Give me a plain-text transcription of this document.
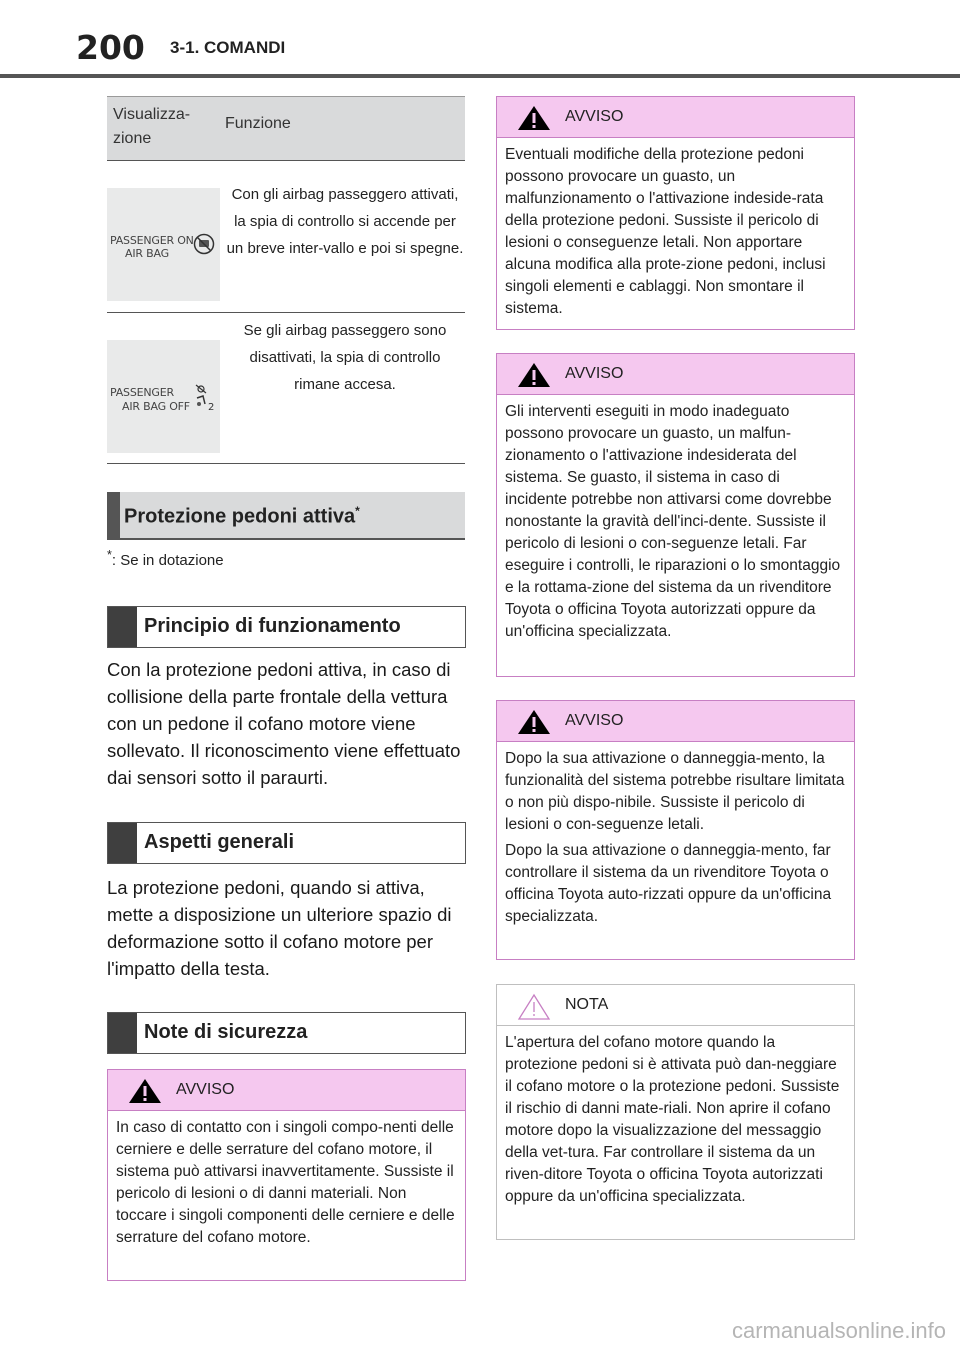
200 3-1. COMANDI
Visualizza-
zione
Funzione
PASSENGER ON
AIR BAG
Con gli airbag passeggero attivati, la spia di controllo si accende per un breve inter-vallo e poi si spegne.
PASSENGER
AIR BAG OFF 2
Se gli airbag passeggero sono disattivati, la spia di controllo rimane accesa.
Protezione pedoni attiva*
*: Se in dotazione
Principio di funzionamento
Con la protezione pedoni attiva, in caso di collisione della parte frontale della vettura con un pedone il cofano motore viene sollevato. Il riconoscimento viene effettuato dai sensori sotto il paraurti.
Aspetti generali
La protezione pedoni, quando si attiva, mette a disposizione un ulteriore spazio di deformazione sotto il cofano motore per l'impatto della testa.
Note di sicurezza
AVVISO

In caso di contatto con i singoli compo-nenti delle cerniere e delle serrature del cofano motore, il sistema può attivarsi inavvertitamente. Sussiste il pericolo di lesioni o di danni materiali. Non toccare i singoli componenti delle cerniere e delle serrature del cofano motore.

AVVISO

Eventuali modifiche della protezione pedoni possono provocare un guasto, un malfunzionamento o l'attivazione indeside-rata della protezione pedoni. Sussiste il pericolo di lesioni o conseguenze letali. Non apportare alcuna modifica alla prote-zione pedoni, inclusi singoli elementi e cablaggi. Non smontare il sistema.

AVVISO

Gli interventi eseguiti in modo inadeguato possono provocare un guasto, un malfun-zionamento o l'attivazione indesiderata del sistema. Se guasto, il sistema in caso di incidente potrebbe non attivarsi come dovrebbe nonostante la gravità dell'inci-dente. Sussiste il pericolo di lesioni o con-seguenze letali. Far eseguire i controlli, le riparazioni o lo smontaggio e la rottama-zione del sistema da un rivenditore Toyota o officina Toyota autorizzati oppure da un'officina specializzata.

AVVISO

Dopo la sua attivazione o danneggia-mento, la funzionalità del sistema potrebbe risultare limitata o non più dispo-nibile. Sussiste il pericolo di lesioni o con-seguenze letali.

Dopo la sua attivazione o danneggia-mento, far controllare il sistema da un rivenditore Toyota o officina Toyota auto-rizzati oppure da un'officina specializzata.

NOTA

L'apertura del cofano motore quando la protezione pedoni si è attivata può dan-neggiare il cofano motore o la protezione pedoni. Sussiste il rischio di danni mate-riali. Non aprire il cofano motore dopo la visualizzazione del messaggio della vet-tura. Far controllare il sistema da un riven-ditore Toyota o officina Toyota autorizzati oppure da un'officina specializzata.

carmanualsonline.info
